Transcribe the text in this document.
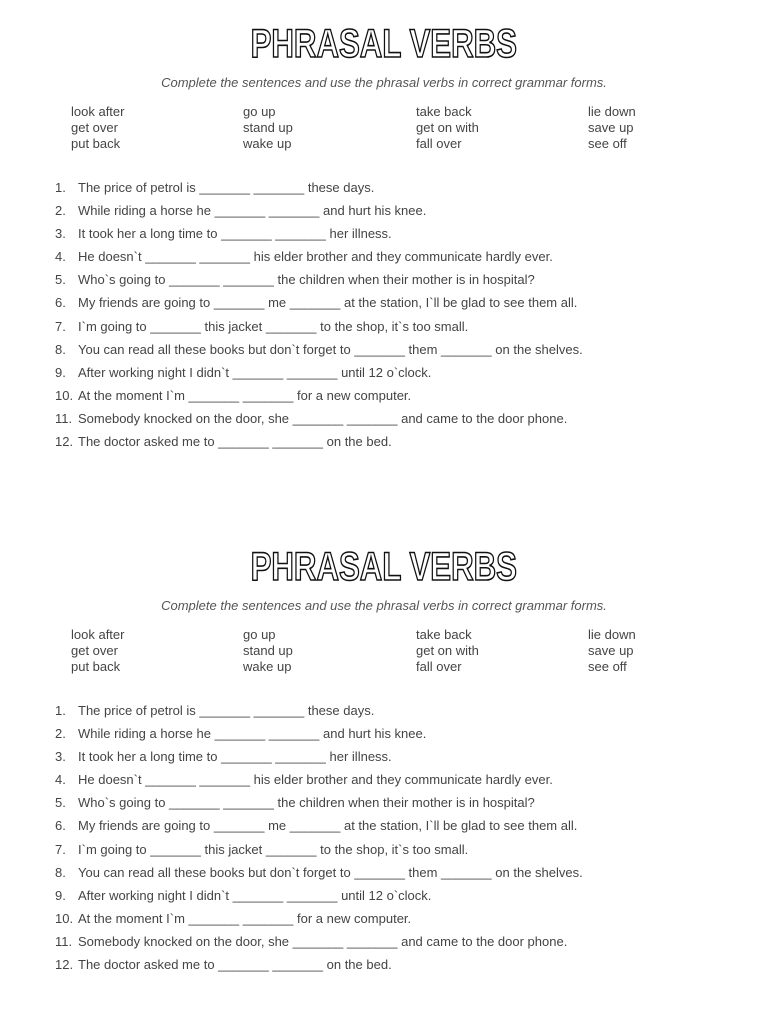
PHRASAL VERBS
Complete the sentences and use the phrasal verbs in correct grammar forms.
look after
get over
put back
go up
stand up
wake up
take back
get on with
fall over
lie down
save up
see off
1. The price of petrol is _______ _______ these days.
2. While riding a horse he _______ _______ and hurt his knee.
3. It took her a long time to _______ _______ her illness.
4. He doesn`t _______ _______ his elder brother and they communicate hardly ever.
5. Who`s going to _______ _______ the children when their mother is in hospital?
6. My friends are going to _______ me _______ at the station, I`ll be glad to see them all.
7. I`m going to _______ this jacket _______ to the shop, it`s too small.
8. You can read all these books but don`t forget to _______ them _______ on the shelves.
9. After working night I didn`t _______ _______ until 12 o`clock.
10. At the moment I`m _______ _______ for a new computer.
11. Somebody knocked on the door, she _______ _______ and came to the door phone.
12. The doctor asked me to _______ _______ on the bed.
PHRASAL VERBS
Complete the sentences and use the phrasal verbs in correct grammar forms.
look after
get over
put back
go up
stand up
wake up
take back
get on with
fall over
lie down
save up
see off
1. The price of petrol is _______ _______ these days.
2. While riding a horse he _______ _______ and hurt his knee.
3. It took her a long time to _______ _______ her illness.
4. He doesn`t _______ _______ his elder brother and they communicate hardly ever.
5. Who`s going to _______ _______ the children when their mother is in hospital?
6. My friends are going to _______ me _______ at the station, I`ll be glad to see them all.
7. I`m going to _______ this jacket _______ to the shop, it`s too small.
8. You can read all these books but don`t forget to _______ them _______ on the shelves.
9. After working night I didn`t _______ _______ until 12 o`clock.
10. At the moment I`m _______ _______ for a new computer.
11. Somebody knocked on the door, she _______ _______ and came to the door phone.
12. The doctor asked me to _______ _______ on the bed.
